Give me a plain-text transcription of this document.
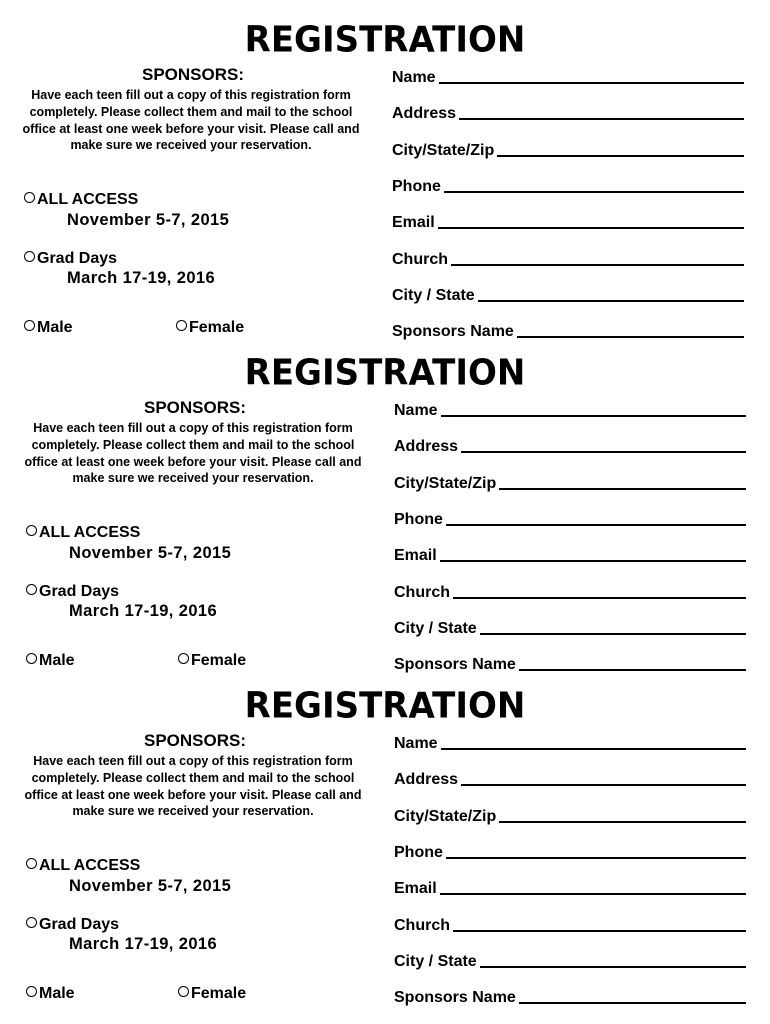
REGISTRATION
SPONSORS:
Have each teen fill out a copy of this registration form completely. Please collect them and mail to the school office at least one week before your visit. Please call and make sure we received your reservation.
ALL ACCESS
November 5-7, 2015
Grad Days
March 17-19, 2016
Male	Female
Name
Address
City/State/Zip
Phone
Email
Church
City / State
Sponsors Name
REGISTRATION
SPONSORS:
Have each teen fill out a copy of this registration form completely. Please collect them and mail to the school office at least one week before your visit. Please call and make sure we received your reservation.
ALL ACCESS
November 5-7, 2015
Grad Days
March 17-19, 2016
Male	Female
Name
Address
City/State/Zip
Phone
Email
Church
City / State
Sponsors Name
REGISTRATION
SPONSORS:
Have each teen fill out a copy of this registration form completely. Please collect them and mail to the school office at least one week before your visit. Please call and make sure we received your reservation.
ALL ACCESS
November 5-7, 2015
Grad Days
March 17-19, 2016
Male	Female
Name
Address
City/State/Zip
Phone
Email
Church
City / State
Sponsors Name
